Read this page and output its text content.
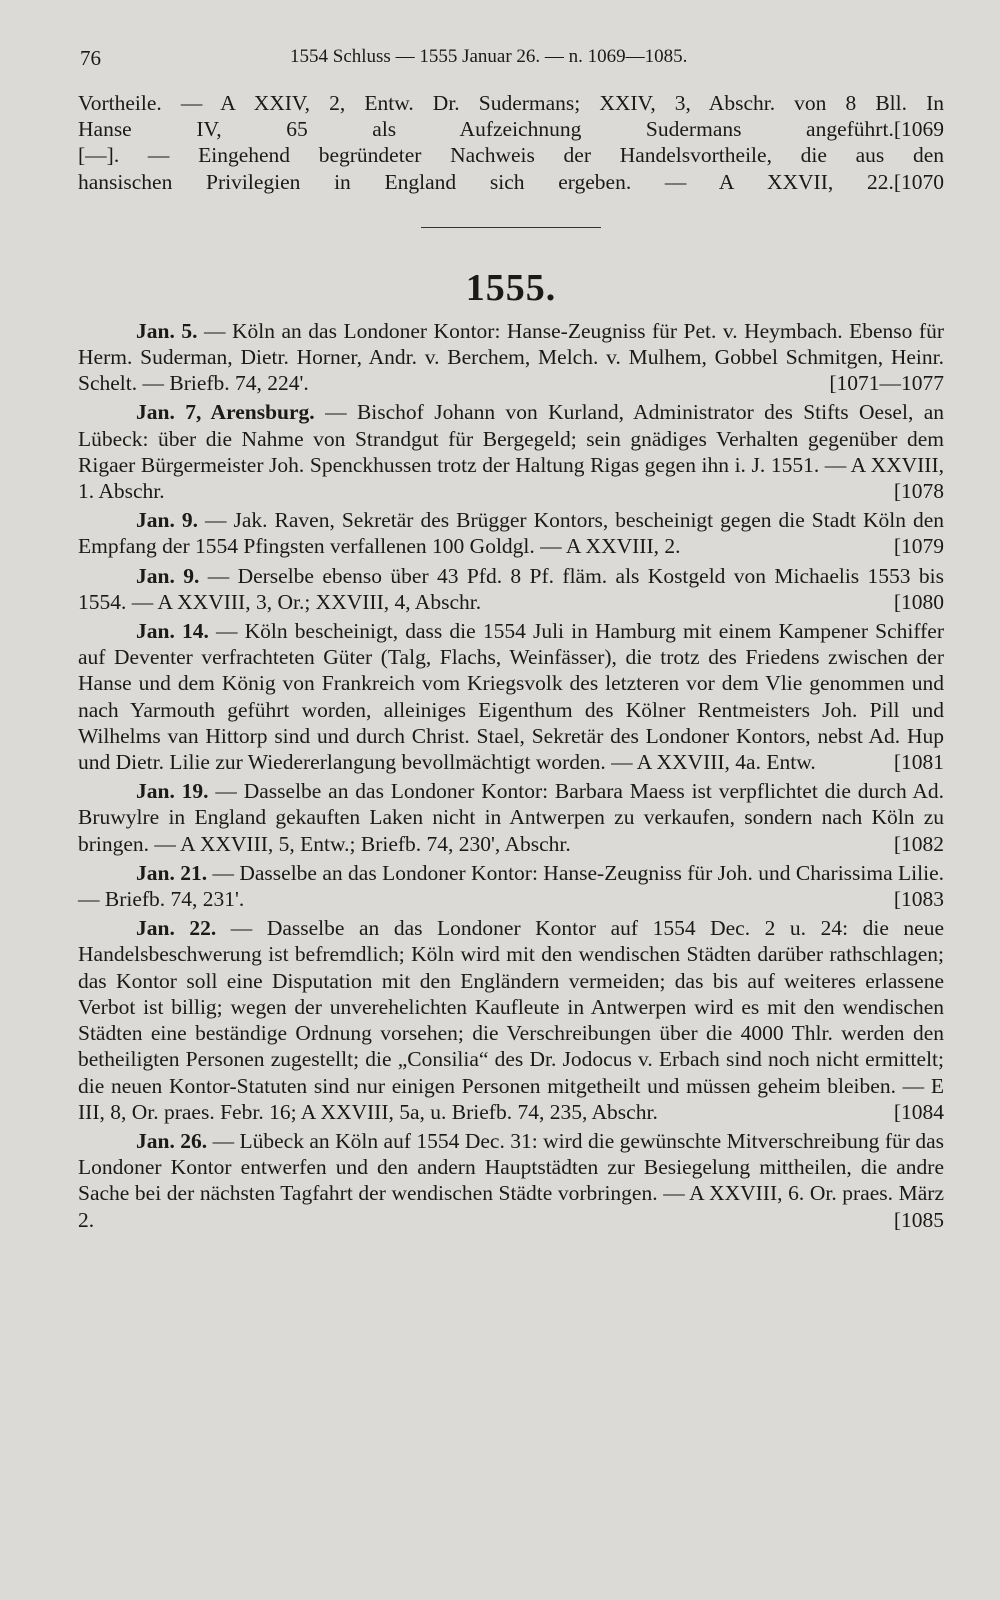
76	1554 Schluss — 1555 Januar 26. — n. 1069—1085.

Vortheile. — A XXIV, 2, Entw. Dr. Sudermans; XXIV, 3, Abschr. von 8 Bll. In

Hanse IV, 65 als Aufzeichnung Sudermans angeführt. [1069

[—]. — Eingehend begründeter Nachweis der Handelsvortheile, die aus den

hansischen Privilegien in England sich ergeben. — A XXVII, 22. [1070

1555.

Jan. 5. — Köln an das Londoner Kontor: Hanse-Zeugniss für Pet. v. Heymbach. Ebenso für Herm. Suderman, Dietr. Horner, Andr. v. Berchem, Melch. v. Mulhem, Gobbel Schmitgen, Heinr. Schelt. — Briefb. 74, 224'.	[1071—1077

Jan. 7, Arensburg. — Bischof Johann von Kurland, Administrator des Stifts Oesel, an Lübeck: über die Nahme von Strandgut für Bergegeld; sein gnädiges Verhalten gegenüber dem Rigaer Bürgermeister Joh. Spenckhussen trotz der Haltung Rigas gegen ihn i. J. 1551. — A XXVIII, 1. Abschr.	[1078

Jan. 9. — Jak. Raven, Sekretär des Brügger Kontors, bescheinigt gegen die Stadt Köln den Empfang der 1554 Pfingsten verfallenen 100 Goldgl. — A XXVIII, 2.	[1079

Jan. 9. — Derselbe ebenso über 43 Pfd. 8 Pf. fläm. als Kostgeld von Michaelis 1553 bis 1554. — A XXVIII, 3, Or.; XXVIII, 4, Abschr.	[1080

Jan. 14. — Köln bescheinigt, dass die 1554 Juli in Hamburg mit einem Kampener Schiffer auf Deventer verfrachteten Güter (Talg, Flachs, Weinfässer), die trotz des Friedens zwischen der Hanse und dem König von Frankreich vom Kriegsvolk des letzteren vor dem Vlie genommen und nach Yarmouth geführt worden, alleiniges Eigenthum des Kölner Rentmeisters Joh. Pill und Wilhelms van Hittorp sind und durch Christ. Stael, Sekretär des Londoner Kontors, nebst Ad. Hup und Dietr. Lilie zur Wiedererlangung bevollmächtigt worden. — A XXVIII, 4a. Entw.	[1081

Jan. 19. — Dasselbe an das Londoner Kontor: Barbara Maess ist verpflichtet die durch Ad. Bruwylre in England gekauften Laken nicht in Antwerpen zu verkaufen, sondern nach Köln zu bringen. — A XXVIII, 5, Entw.; Briefb. 74, 230', Abschr.	[1082

Jan. 21. — Dasselbe an das Londoner Kontor: Hanse-Zeugniss für Joh. und Charissima Lilie. — Briefb. 74, 231'.	[1083

Jan. 22. — Dasselbe an das Londoner Kontor auf 1554 Dec. 2 u. 24: die neue Handelsbeschwerung ist befremdlich; Köln wird mit den wendischen Städten darüber rathschlagen; das Kontor soll eine Disputation mit den Engländern vermeiden; das bis auf weiteres erlassene Verbot ist billig; wegen der unverehelichten Kaufleute in Antwerpen wird es mit den wendischen Städten eine beständige Ordnung vorsehen; die Verschreibungen über die 4000 Thlr. werden den betheiligten Personen zugestellt; die „Consilia“ des Dr. Jodocus v. Erbach sind noch nicht ermittelt; die neuen Kontor-Statuten sind nur einigen Personen mitgetheilt und müssen geheim bleiben. — E III, 8, Or. praes. Febr. 16; A XXVIII, 5a, u. Briefb. 74, 235, Abschr.	[1084

Jan. 26. — Lübeck an Köln auf 1554 Dec. 31: wird die gewünschte Mitverschreibung für das Londoner Kontor entwerfen und den andern Hauptstädten zur Besiegelung mittheilen, die andre Sache bei der nächsten Tagfahrt der wendischen Städte vorbringen. — A XXVIII, 6. Or. praes. März 2.	[1085
